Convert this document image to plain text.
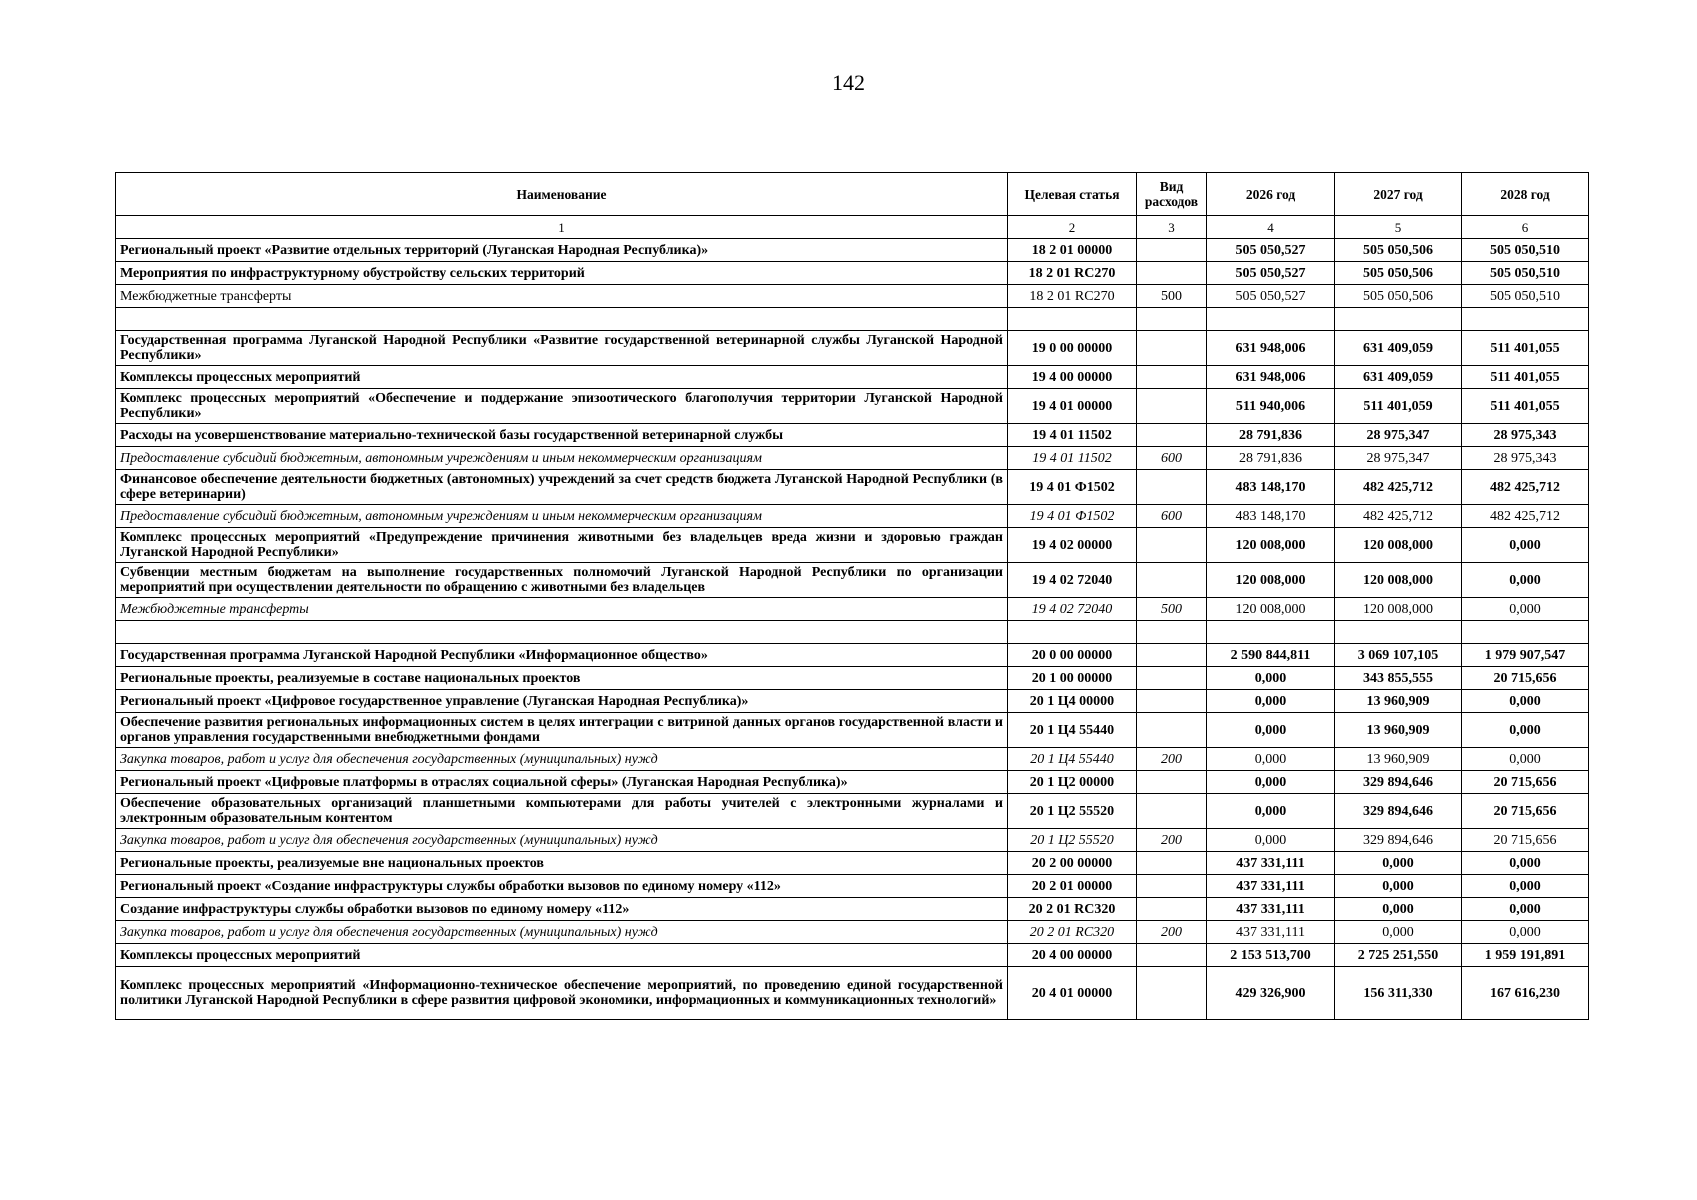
142
Наименование	Целевая статья	Вид расходов	2026 год	2027 год	2028 год
1	2	3	4	5	6
Региональный проект «Развитие отдельных территорий (Луганская Народная Республика)»	18 2 01 00000		505 050,527	505 050,506	505 050,510
Мероприятия по инфраструктурному обустройству сельских территорий	18 2 01 RC270		505 050,527	505 050,506	505 050,510
Межбюджетные трансферты	18 2 01 RC270	500	505 050,527	505 050,506	505 050,510

Государственная программа Луганской Народной Республики «Развитие государственной ветеринарной службы Луганской Народной Республики»	19 0 00 00000		631 948,006	631 409,059	511 401,055
Комплексы процессных мероприятий	19 4 00 00000		631 948,006	631 409,059	511 401,055
Комплекс процессных мероприятий «Обеспечение и поддержание эпизоотического благополучия территории Луганской Народной Республики»	19 4 01 00000		511 940,006	511 401,059	511 401,055
Расходы на усовершенствование материально-технической базы государственной ветеринарной службы	19 4 01 11502		28 791,836	28 975,347	28 975,343
Предоставление субсидий бюджетным, автономным учреждениям и иным некоммерческим организациям	19 4 01 11502	600	28 791,836	28 975,347	28 975,343
Финансовое обеспечение деятельности бюджетных (автономных) учреждений за счет средств бюджета Луганской Народной Республики (в сфере ветеринарии)	19 4 01 Ф1502		483 148,170	482 425,712	482 425,712
Предоставление субсидий бюджетным, автономным учреждениям и иным некоммерческим организациям	19 4 01 Ф1502	600	483 148,170	482 425,712	482 425,712
Комплекс процессных мероприятий «Предупреждение причинения животными без владельцев вреда жизни и здоровью граждан Луганской Народной Республики»	19 4 02 00000		120 008,000	120 008,000	0,000
Субвенции местным бюджетам на выполнение государственных полномочий Луганской Народной Республики по организации мероприятий при осуществлении деятельности по обращению с животными без владельцев	19 4 02 72040		120 008,000	120 008,000	0,000
Межбюджетные трансферты	19 4 02 72040	500	120 008,000	120 008,000	0,000

Государственная программа Луганской Народной Республики «Информационное общество»	20 0 00 00000		2 590 844,811	3 069 107,105	1 979 907,547
Региональные проекты, реализуемые в составе национальных проектов	20 1 00 00000		0,000	343 855,555	20 715,656
Региональный проект «Цифровое государственное управление (Луганская Народная Республика)»	20 1 Ц4 00000		0,000	13 960,909	0,000
Обеспечение развития региональных информационных систем в целях интеграции с витриной данных органов государственной власти и органов управления государственными внебюджетными фондами	20 1 Ц4 55440		0,000	13 960,909	0,000
Закупка товаров, работ и услуг для обеспечения государственных (муниципальных) нужд	20 1 Ц4 55440	200	0,000	13 960,909	0,000
Региональный проект «Цифровые платформы в отраслях социальной сферы» (Луганская Народная Республика)»	20 1 Ц2 00000		0,000	329 894,646	20 715,656
Обеспечение образовательных организаций планшетными компьютерами для работы учителей с электронными журналами и электронным образовательным контентом	20 1 Ц2 55520		0,000	329 894,646	20 715,656
Закупка товаров, работ и услуг для обеспечения государственных (муниципальных) нужд	20 1 Ц2 55520	200	0,000	329 894,646	20 715,656
Региональные проекты, реализуемые вне национальных проектов	20 2 00 00000		437 331,111	0,000	0,000
Региональный проект «Создание инфраструктуры службы обработки вызовов по единому номеру «112»	20 2 01 00000		437 331,111	0,000	0,000
Создание инфраструктуры службы обработки вызовов по единому номеру «112»	20 2 01 RC320		437 331,111	0,000	0,000
Закупка товаров, работ и услуг для обеспечения государственных (муниципальных) нужд	20 2 01 RC320	200	437 331,111	0,000	0,000
Комплексы процессных мероприятий	20 4 00 00000		2 153 513,700	2 725 251,550	1 959 191,891
Комплекс процессных мероприятий «Информационно-техническое обеспечение мероприятий, по проведению единой государственной политики Луганской Народной Республики в сфере развития цифровой экономики, информационных и коммуникационных технологий»	20 4 01 00000		429 326,900	156 311,330	167 616,230
